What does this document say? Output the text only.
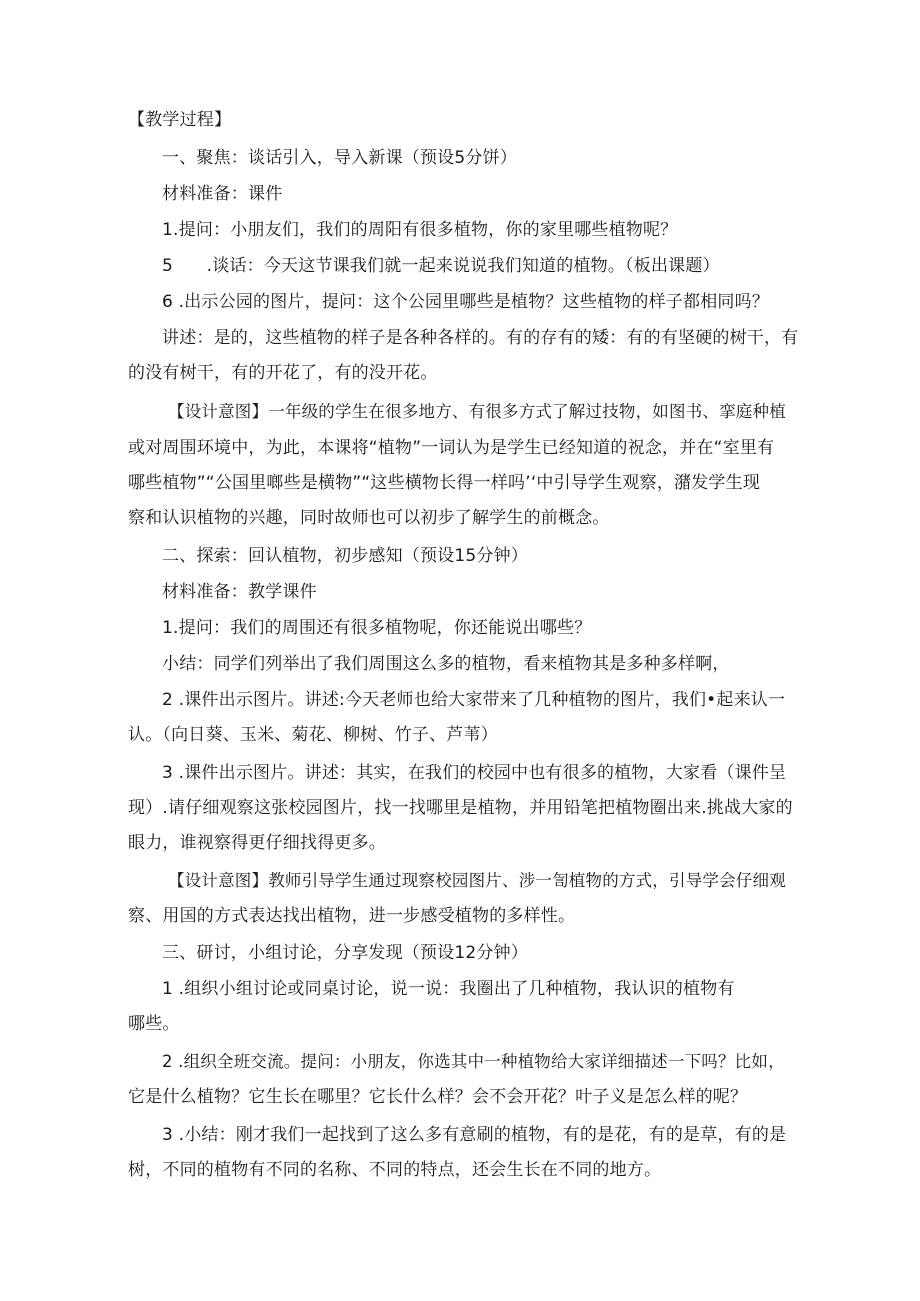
【教学过程】
一、聚焦：谈话引入，导入新课（预设5分饼）
材料准备：课件
1.提问：小朋友们，我们的周阳有很多植物，你的家里哪些植物呢？
5      .谈话：今天这节课我们就一起来说说我们知道的植物。（板出课题）
6 .出示公园的图片，提问：这个公园里哪些是植物？这些植物的样子都相同吗？
讲述：是的，这些植物的样子是各种各样的。有的存有的矮：有的有坚硬的树干，有
的没有树干，有的开花了，有的没开花。
【设计意图】一年级的学生在很多地方、有很多方式了解过技物，如图书、挛庭种植
或对周围环境中，为此，本课将“植物”一词认为是学生已经知道的祝念，并在“室里有
哪些植物”“公国里啷些是横物”“这些横物长得一样吗’‘中引导学生观察，潴发学生现
察和认识植物的兴趣，同时故师也可以初步了解学生的前概念。
二、探索：回认植物，初步感知（预设15分钟）
材料准备：教学课件
1.提问：我们的周围还有很多植物呢，你还能说出哪些？
小结：同学们列举出了我们周围这么多的植物，看来植物其是多种多样啊，
2 .课件出示图片。讲述:今天老师也给大家带来了几种植物的图片，我们•起来认一
认。（向日葵、玉米、菊花、柳树、竹子、芦苇）
3 .课件出示图片。讲述：其实，在我们的校园中也有很多的植物，大家看（课件呈
现）.请仔细观察这张校园图片，找一找哪里是植物，并用铅笔把植物圈出来.挑战大家的
眼力，谁视察得更仔细找得更多。
【设计意图】教师引导学生通过现察校园图片、涉一訇植物的方式，引导学会仔细观
察、用国的方式表达找出植物，进一步感受植物的多样性。
三、研讨，小组讨论，分享发现（预设12分钟）
1 .组织小组讨论或同桌讨论，说一说：我圈出了几种植物，我认识的植物有
哪些。
2 .组织全班交流。提问：小朋友，你选其中一种植物给大家详细描述一下吗？比如，
它是什么植物？它生长在哪里？它长什么样？会不会开花？叶子义是怎么样的呢？
3 .小结：刚才我们一起找到了这么多有意刷的植物，有的是花，有的是草，有的是
树，不同的植物有不同的名称、不同的特点，还会生长在不同的地方。
